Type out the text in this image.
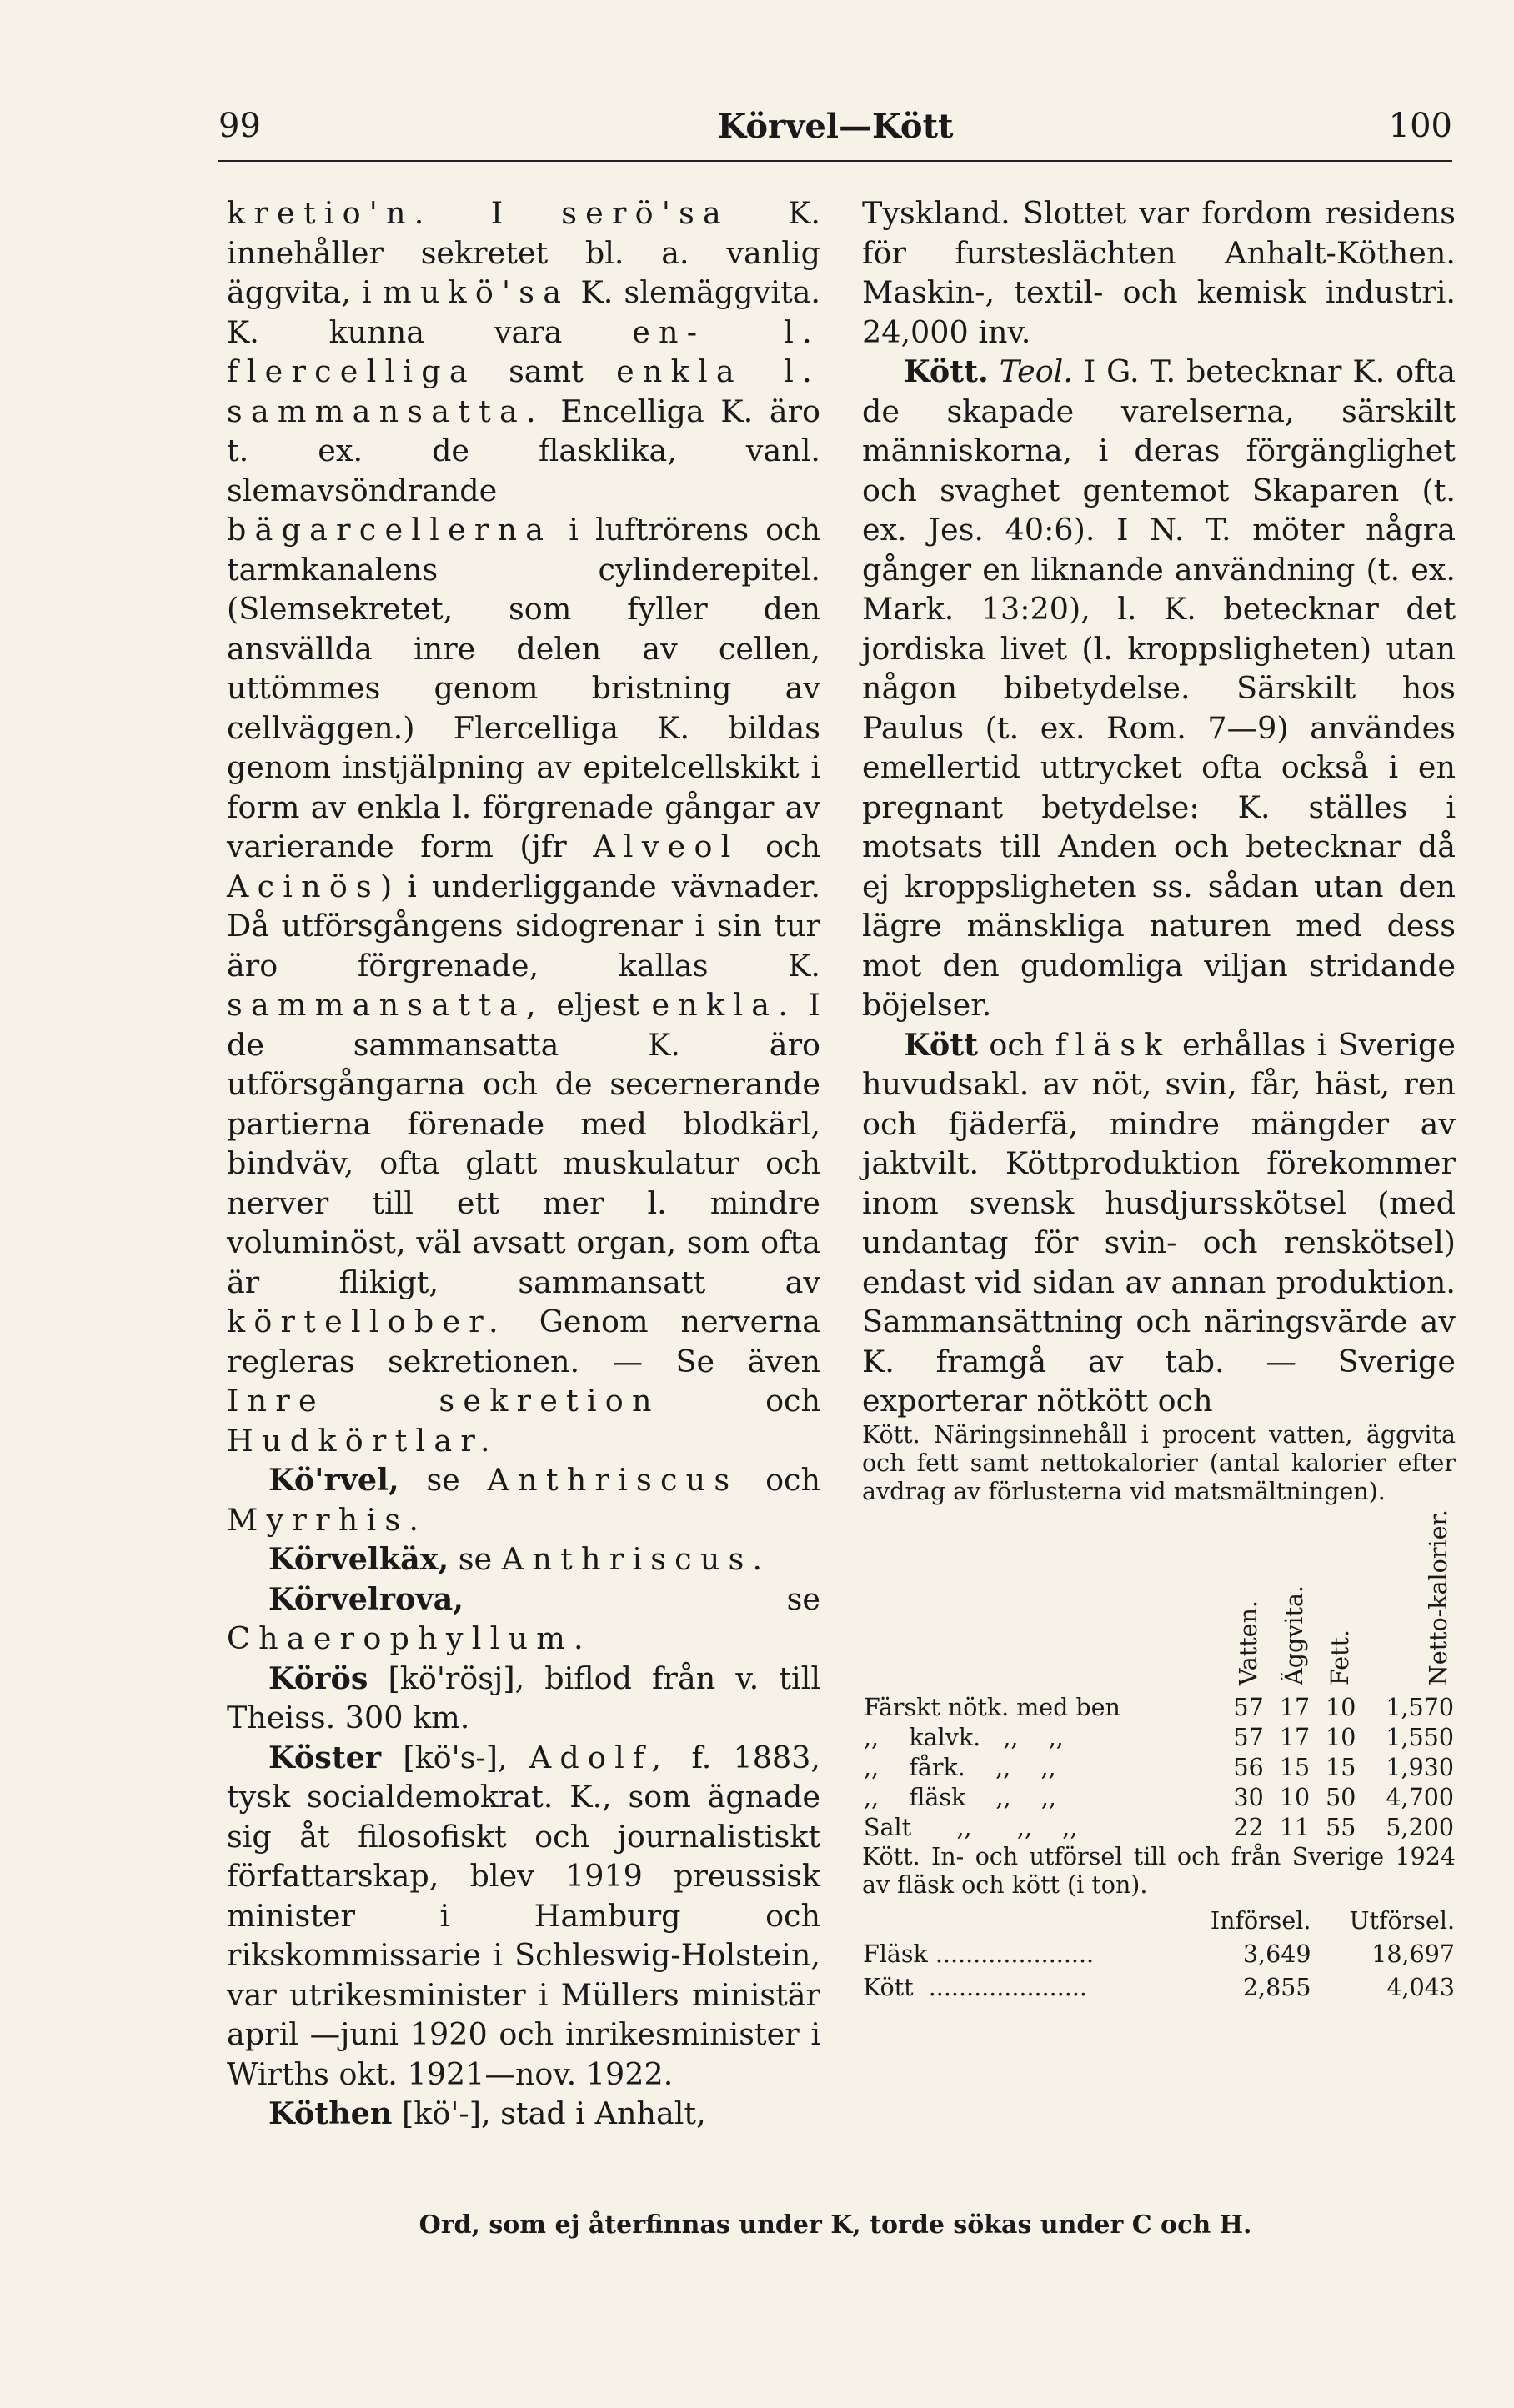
99	Körvel—Kött	100

kretio'n. I serö'sa K. innehåller sekretet bl. a. vanlig äggvita, i mukö'sa K. slemäggvita. K. kunna vara en- l. flercelliga samt enkla l. sammansatta. Encelliga K. äro t. ex. de flasklika, vanl. slemavsöndrande bägarcellerna i luftrörens och tarmkanalens cylinderepitel. (Slemsekretet, som fyller den ansvällda inre delen av cellen, uttömmes genom bristning av cellväggen.) Flercelliga K. bildas genom instjälpning av epitelcellskikt i form av enkla l. förgrenade gångar av varierande form (jfr Alveol och Acinös) i underliggande vävnader. Då utförsgångens sidogrenar i sin tur äro förgrenade, kallas K. sammansatta, eljest enkla. I de sammansatta K. äro utförsgångarna och de secernerande partierna förenade med blodkärl, bindväv, ofta glatt muskulatur och nerver till ett mer l. mindre voluminöst, väl avsatt organ, som ofta är flikigt, sammansatt av körtellober. Genom nerverna regleras sekretionen. — Se även Inre sekretion och Hudkörtlar.

Kö'rvel, se Anthriscus och Myrrhis.

Körvelkäx, se Anthriscus.

Körvelrova, se Chaerophyllum.

Körös [kö'rösj], biflod från v. till Theiss. 300 km.

Köster [kö's-], Adolf, f. 1883, tysk socialdemokrat. K., som ägnade sig åt filosofiskt och journalistiskt författarskap, blev 1919 preussisk minister i Hamburg och rikskommissarie i Schleswig-Holstein, var utrikesminister i Müllers ministär april —juni 1920 och inrikesminister i Wirths okt. 1921—nov. 1922.

Köthen [kö'-], stad i Anhalt,

Tyskland. Slottet var fordom residens för fursteslächten Anhalt-Köthen. Maskin-, textil- och kemisk industri. 24,000 inv.

Kött. Teol. I G. T. betecknar K. ofta de skapade varelserna, särskilt människorna, i deras förgänglighet och svaghet gentemot Skaparen (t. ex. Jes. 40:6). I N. T. möter några gånger en liknande användning (t. ex. Mark. 13:20), l. K. betecknar det jordiska livet (l. kroppsligheten) utan någon bibetydelse. Särskilt hos Paulus (t. ex. Rom. 7—9) användes emellertid uttrycket ofta också i en pregnant betydelse: K. ställes i motsats till Anden och betecknar då ej kroppsligheten ss. sådan utan den lägre mänskliga naturen med dess mot den gudomliga viljan stridande böjelser.

Kött och fläsk erhållas i Sverige huvudsakl. av nöt, svin, får, häst, ren och fjäderfä, mindre mängder av jaktvilt. Köttproduktion förekommer inom svensk husdjursskötsel (med undantag för svin- och renskötsel) endast vid sidan av annan produktion. Sammansättning och näringsvärde av K. framgå av tab. — Sverige exporterar nötkött och

Kött. Näringsinnehåll i procent vatten, äggvita och fett samt nettokalorier (antal kalorier efter avdrag av förlusterna vid matsmältningen).

	Vatten.	Äggvita.	Fett.	Netto-kalorier.
Färskt nötk. med ben	57	17	10	1,570
,,    kalvk.   ,,    ,,	57	17	10	1,550
,,    fårk.    ,,    ,,	56	15	15	1,930
,,    fläsk    ,,    ,,	30	10	50	4,700
Salt      ,,      ,,    ,,	22	11	55	5,200

Kött. In- och utförsel till och från Sverige 1924 av fläsk och kött (i ton).

	Införsel.	Utförsel.
Fläsk .....................	3,649	18,697
Kött  .....................	2,855	4,043
Ord, som ej återfinnas under K, torde sökas under C och H.
